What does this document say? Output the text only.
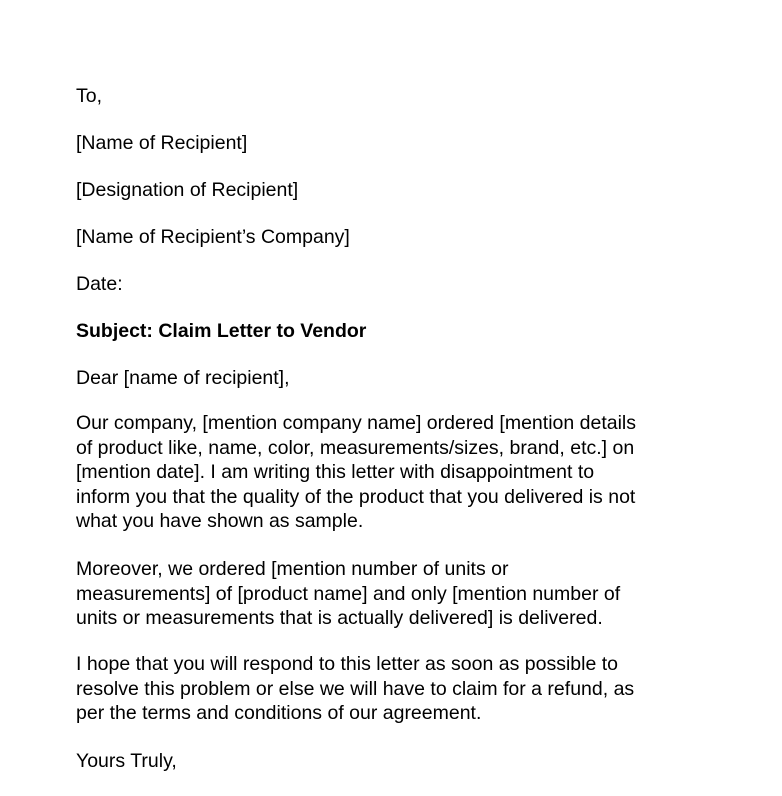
To,

[Name of Recipient]

[Designation of Recipient]

[Name of Recipient’s Company]

Date:

Subject: Claim Letter to Vendor

Dear [name of recipient],

Our company, [mention company name] ordered [mention details
of product like, name, color, measurements/sizes, brand, etc.] on
[mention date]. I am writing this letter with disappointment to
inform you that the quality of the product that you delivered is not
what you have shown as sample.
Moreover, we ordered [mention number of units or
measurements] of [product name] and only [mention number of
units or measurements that is actually delivered] is delivered.
I hope that you will respond to this letter as soon as possible to
resolve this problem or else we will have to claim for a refund, as
per the terms and conditions of our agreement.

Yours Truly,
